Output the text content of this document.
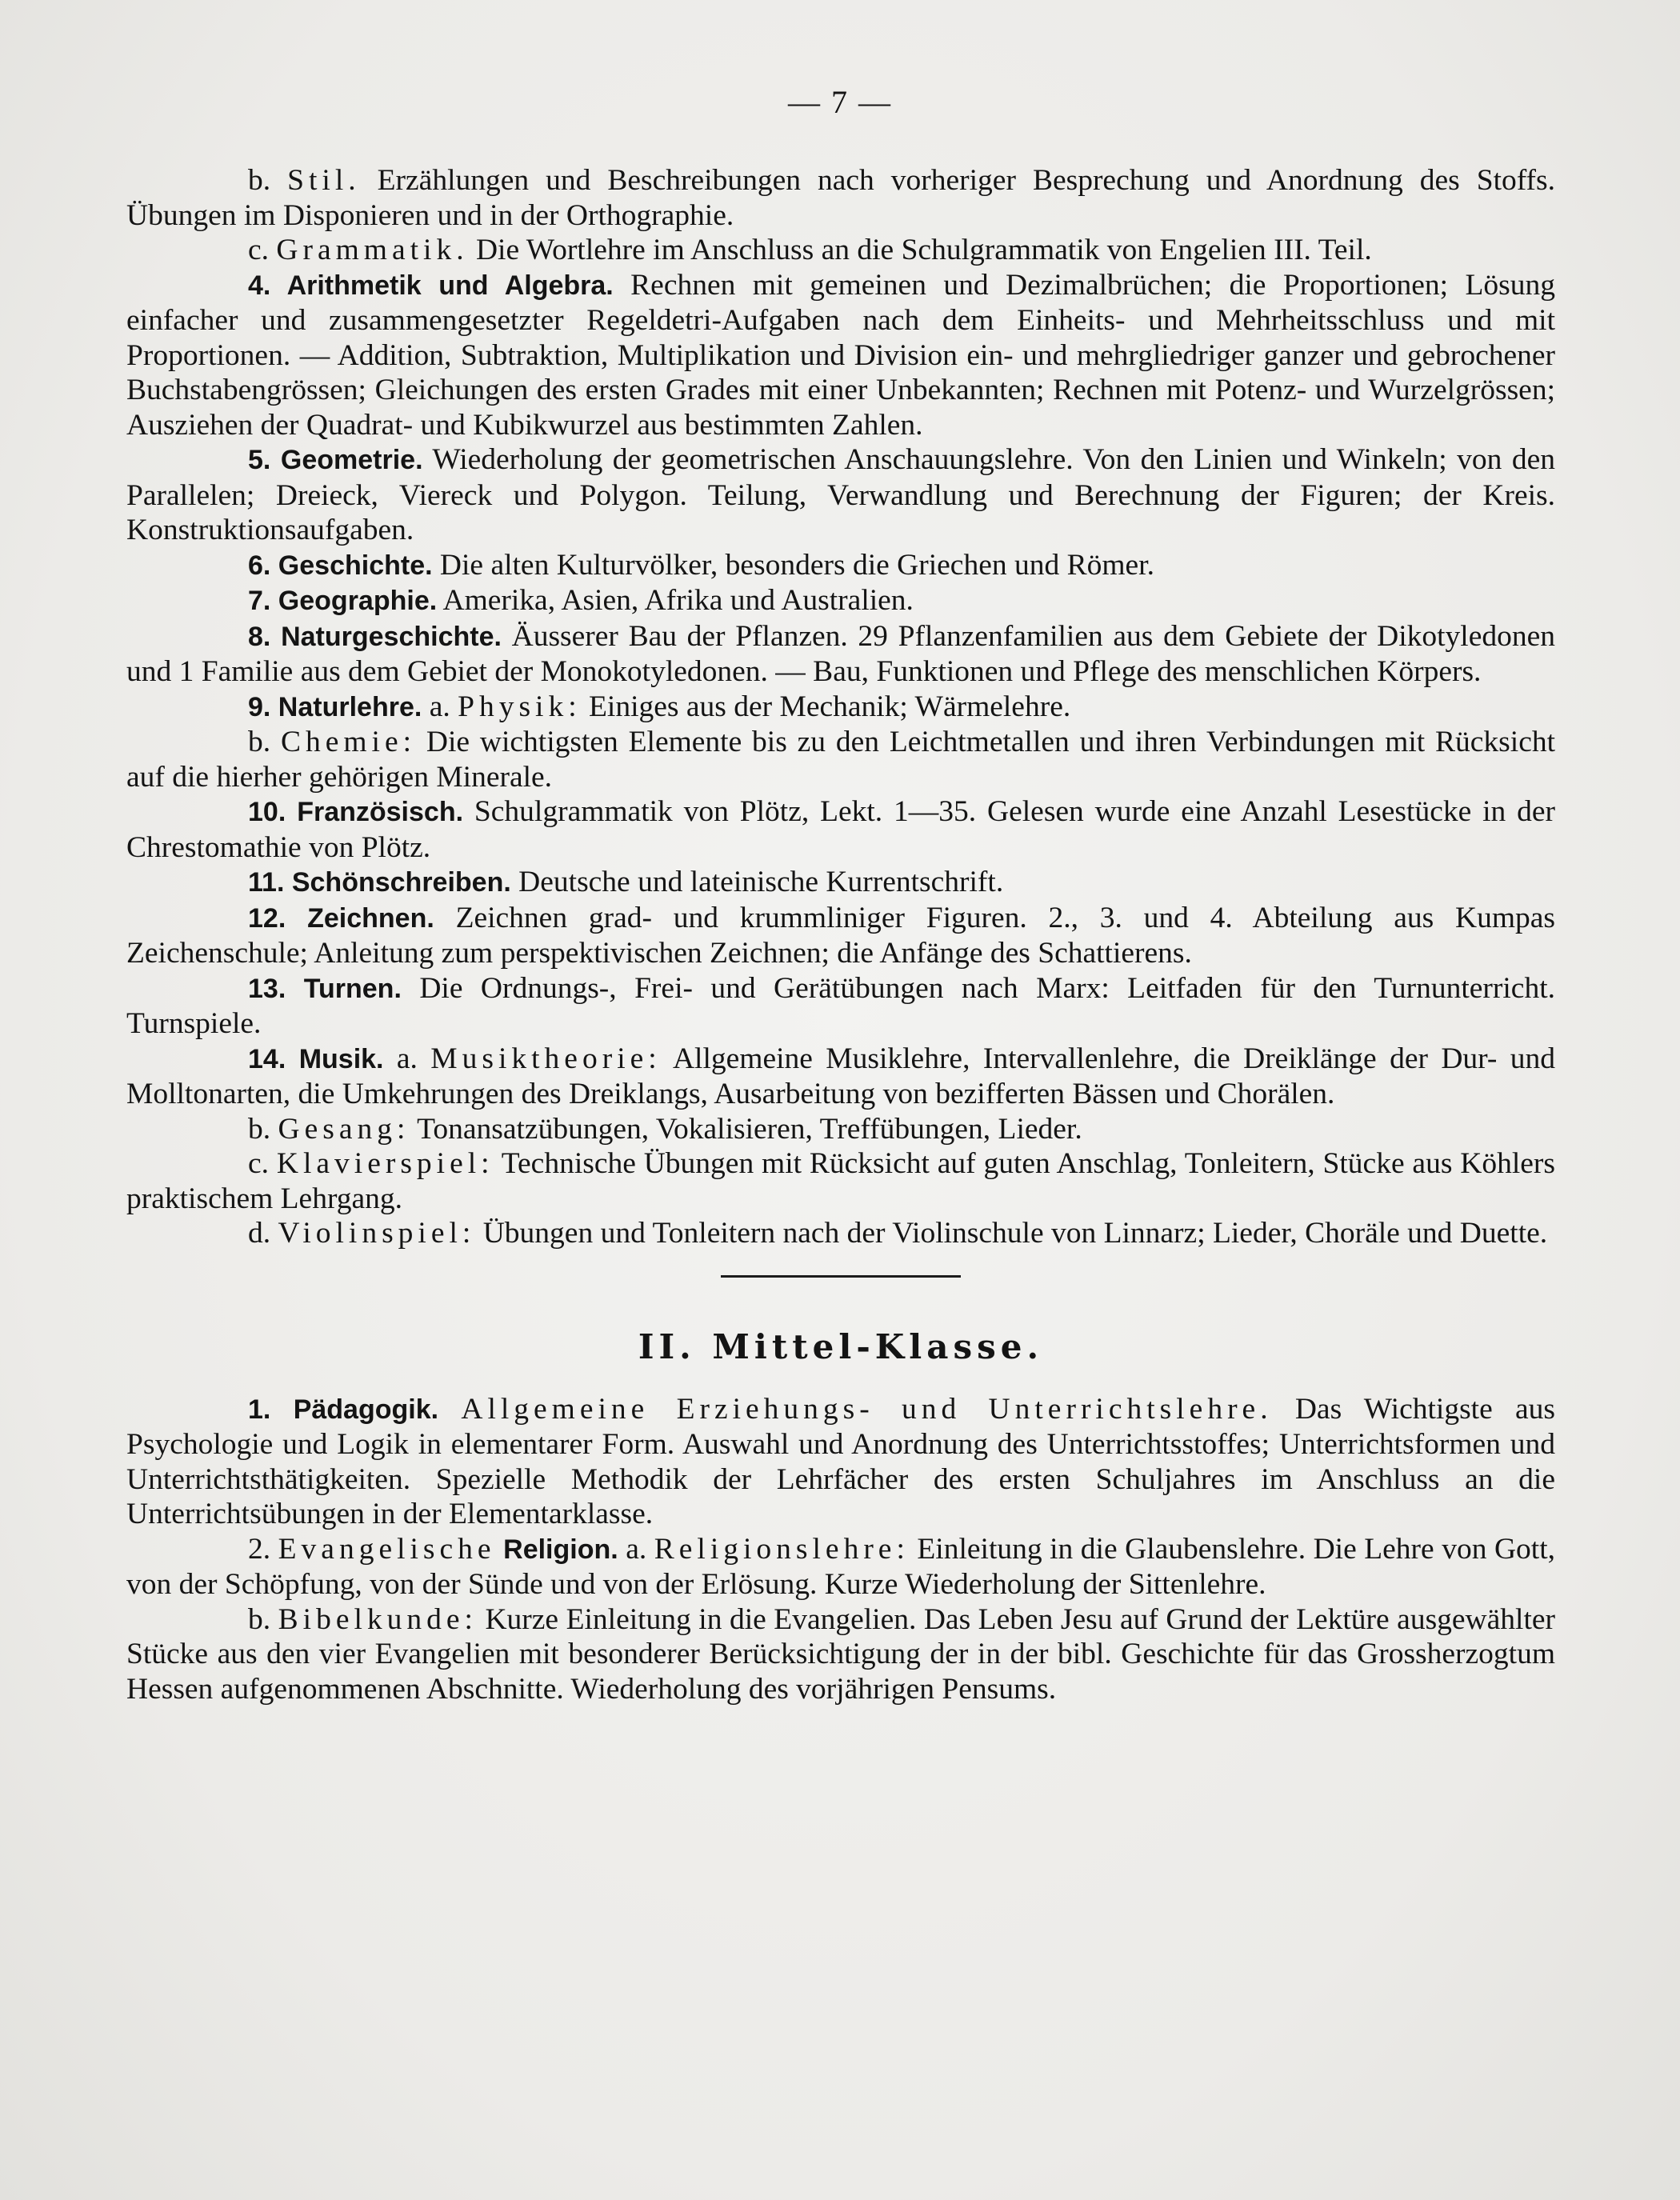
— 7 —

b. Stil. Erzählungen und Beschreibungen nach vorheriger Besprechung und Anordnung des Stoffs. Übungen im Disponieren und in der Orthographie.

c. Grammatik. Die Wortlehre im Anschluss an die Schulgrammatik von Engelien III. Teil.

4. Arithmetik und Algebra. Rechnen mit gemeinen und Dezimalbrüchen; die Proportionen; Lösung einfacher und zusammengesetzter Regeldetri-Aufgaben nach dem Einheits- und Mehrheitsschluss und mit Proportionen. — Addition, Subtraktion, Multiplikation und Division ein- und mehrgliedriger ganzer und gebrochener Buchstabengrössen; Gleichungen des ersten Grades mit einer Unbekannten; Rechnen mit Potenz- und Wurzelgrössen; Ausziehen der Quadrat- und Kubikwurzel aus bestimmten Zahlen.

5. Geometrie. Wiederholung der geometrischen Anschauungslehre. Von den Linien und Winkeln; von den Parallelen; Dreieck, Viereck und Polygon. Teilung, Verwandlung und Berechnung der Figuren; der Kreis. Konstruktionsaufgaben.

6. Geschichte. Die alten Kulturvölker, besonders die Griechen und Römer.

7. Geographie. Amerika, Asien, Afrika und Australien.

8. Naturgeschichte. Äusserer Bau der Pflanzen. 29 Pflanzenfamilien aus dem Gebiete der Dikotyledonen und 1 Familie aus dem Gebiet der Monokotyledonen. — Bau, Funktionen und Pflege des menschlichen Körpers.

9. Naturlehre. a. Physik: Einiges aus der Mechanik; Wärmelehre.

b. Chemie: Die wichtigsten Elemente bis zu den Leichtmetallen und ihren Verbindungen mit Rücksicht auf die hierher gehörigen Minerale.

10. Französisch. Schulgrammatik von Plötz, Lekt. 1—35. Gelesen wurde eine Anzahl Lesestücke in der Chrestomathie von Plötz.

11. Schönschreiben. Deutsche und lateinische Kurrentschrift.

12. Zeichnen. Zeichnen grad- und krummliniger Figuren. 2., 3. und 4. Abteilung aus Kumpas Zeichenschule; Anleitung zum perspektivischen Zeichnen; die Anfänge des Schattierens.

13. Turnen. Die Ordnungs-, Frei- und Gerätübungen nach Marx: Leitfaden für den Turnunterricht. Turnspiele.

14. Musik. a. Musiktheorie: Allgemeine Musiklehre, Intervallenlehre, die Dreiklänge der Dur- und Molltonarten, die Umkehrungen des Dreiklangs, Ausarbeitung von bezifferten Bässen und Chorälen.

b. Gesang: Tonansatzübungen, Vokalisieren, Treffübungen, Lieder.

c. Klavierspiel: Technische Übungen mit Rücksicht auf guten Anschlag, Tonleitern, Stücke aus Köhlers praktischem Lehrgang.

d. Violinspiel: Übungen und Tonleitern nach der Violinschule von Linnarz; Lieder, Choräle und Duette.

II. Mittel-Klasse.

1. Pädagogik. Allgemeine Erziehungs- und Unterrichtslehre. Das Wichtigste aus Psychologie und Logik in elementarer Form. Auswahl und Anordnung des Unterrichtsstoffes; Unterrichtsformen und Unterrichtsthätigkeiten. Spezielle Methodik der Lehrfächer des ersten Schuljahres im Anschluss an die Unterrichtsübungen in der Elementarklasse.

2. Evangelische Religion. a. Religionslehre: Einleitung in die Glaubenslehre. Die Lehre von Gott, von der Schöpfung, von der Sünde und von der Erlösung. Kurze Wiederholung der Sittenlehre.

b. Bibelkunde: Kurze Einleitung in die Evangelien. Das Leben Jesu auf Grund der Lektüre ausgewählter Stücke aus den vier Evangelien mit besonderer Berücksichtigung der in der bibl. Geschichte für das Grossherzogtum Hessen aufgenommenen Abschnitte. Wiederholung des vorjährigen Pensums.
